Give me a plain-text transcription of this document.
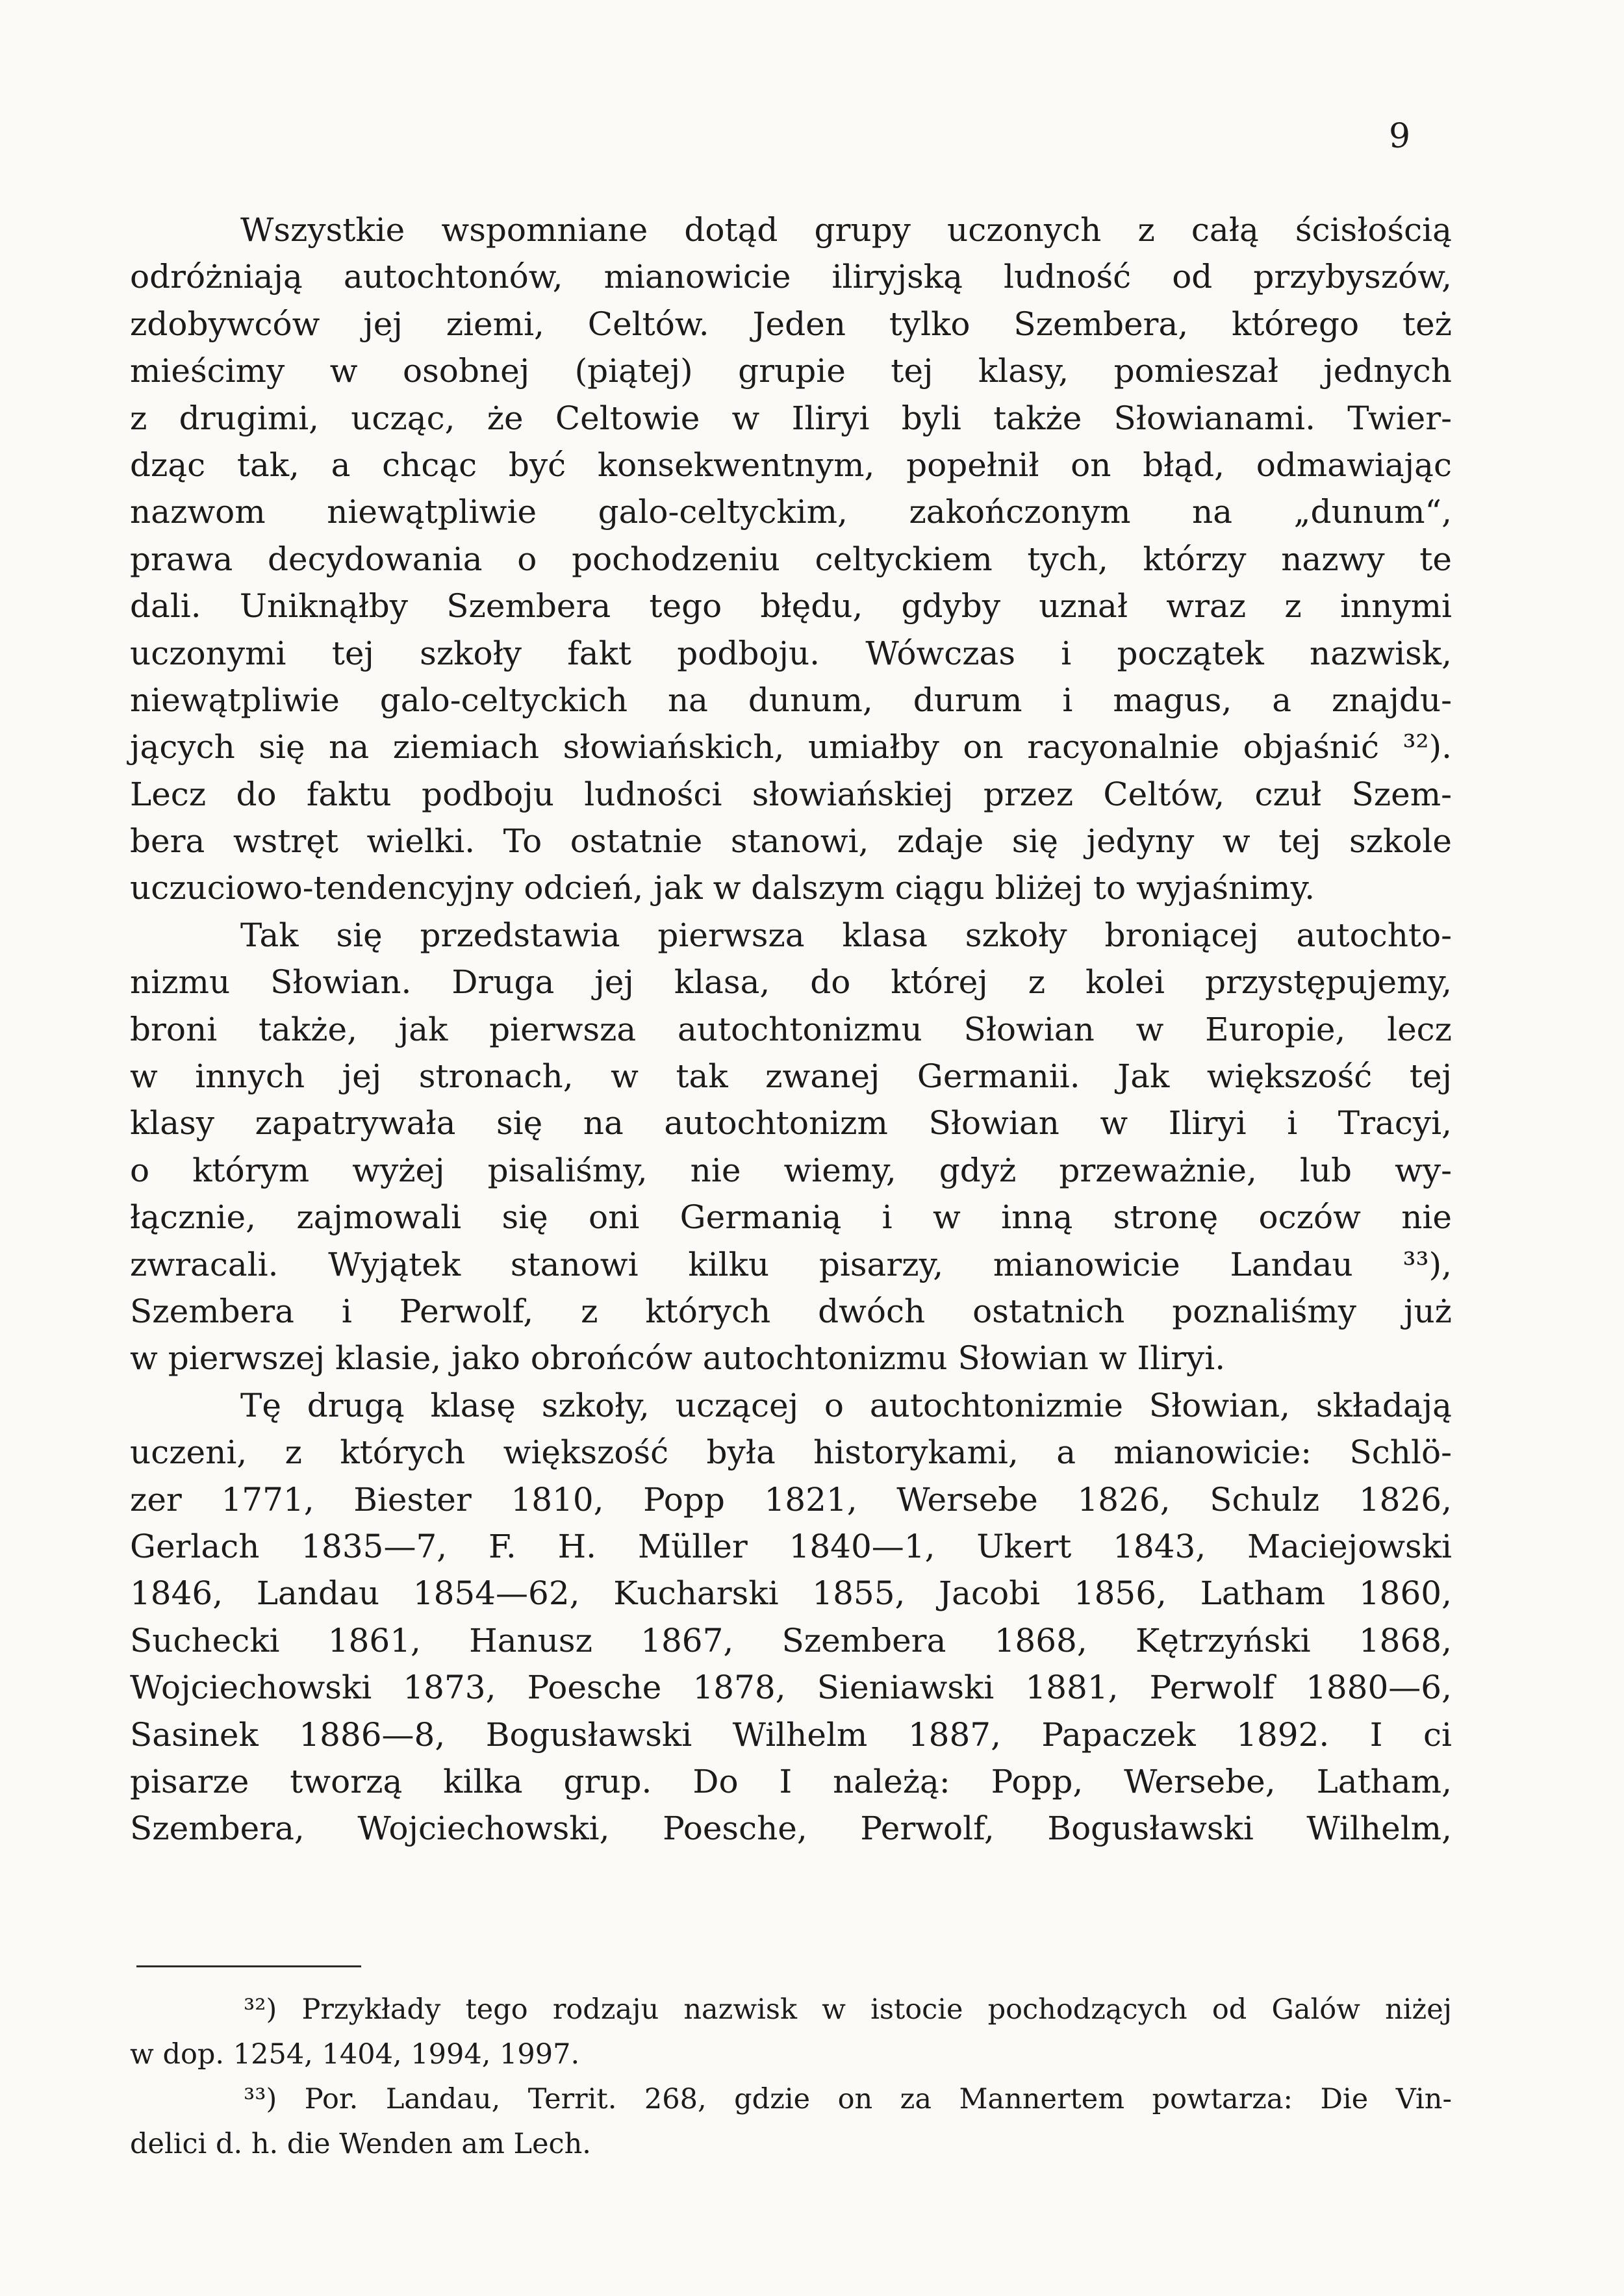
9
Wszystkie wspomniane dotąd grupy uczonych z całą ścisłością
odróżniają autochtonów, mianowicie iliryjską ludność od przybyszów,
zdobywców jej ziemi, Celtów. Jeden tylko Szembera, którego też
mieścimy w osobnej (piątej) grupie tej klasy, pomieszał jednych
z drugimi, ucząc, że Celtowie w Iliryi byli także Słowianami. Twier-
dząc tak, a chcąc być konsekwentnym, popełnił on błąd, odmawiając
nazwom niewątpliwie galo-celtyckim, zakończonym na „dunum“,
prawa decydowania o pochodzeniu celtyckiem tych, którzy nazwy te
dali. Uniknąłby Szembera tego błędu, gdyby uznał wraz z innymi
uczonymi tej szkoły fakt podboju. Wówczas i początek nazwisk,
niewątpliwie galo-celtyckich na dunum, durum i magus, a znajdu-
jących się na ziemiach słowiańskich, umiałby on racyonalnie objaśnić ³²).
Lecz do faktu podboju ludności słowiańskiej przez Celtów, czuł Szem-
bera wstręt wielki. To ostatnie stanowi, zdaje się jedyny w tej szkole
uczuciowo-tendencyjny odcień, jak w dalszym ciągu bliżej to wyjaśnimy.
Tak się przedstawia pierwsza klasa szkoły broniącej autochto-
nizmu Słowian. Druga jej klasa, do której z kolei przystępujemy,
broni także, jak pierwsza autochtonizmu Słowian w Europie, lecz
w innych jej stronach, w tak zwanej Germanii. Jak większość tej
klasy zapatrywała się na autochtonizm Słowian w Iliryi i Tracyi,
o którym wyżej pisaliśmy, nie wiemy, gdyż przeważnie, lub wy-
łącznie, zajmowali się oni Germanią i w inną stronę oczów nie
zwracali. Wyjątek stanowi kilku pisarzy, mianowicie Landau ³³),
Szembera i Perwolf, z których dwóch ostatnich poznaliśmy już
w pierwszej klasie, jako obrońców autochtonizmu Słowian w Iliryi.
Tę drugą klasę szkoły, uczącej o autochtonizmie Słowian, składają
uczeni, z których większość była historykami, a mianowicie: Schlö-
zer 1771, Biester 1810, Popp 1821, Wersebe 1826, Schulz 1826,
Gerlach 1835—7, F. H. Müller 1840—1, Ukert 1843, Maciejowski
1846, Landau 1854—62, Kucharski 1855, Jacobi 1856, Latham 1860,
Suchecki 1861, Hanusz 1867, Szembera 1868, Kętrzyński 1868,
Wojciechowski 1873, Poesche 1878, Sieniawski 1881, Perwolf 1880—6,
Sasinek 1886—8, Bogusławski Wilhelm 1887, Papaczek 1892. I ci
pisarze tworzą kilka grup. Do I należą: Popp, Wersebe, Latham,
Szembera, Wojciechowski, Poesche, Perwolf, Bogusławski Wilhelm,
³²) Przykłady tego rodzaju nazwisk w istocie pochodzących od Galów niżej
w dop. 1254, 1404, 1994, 1997.
³³) Por. Landau, Territ. 268, gdzie on za Mannertem powtarza: Die Vin-
delici d. h. die Wenden am Lech.
